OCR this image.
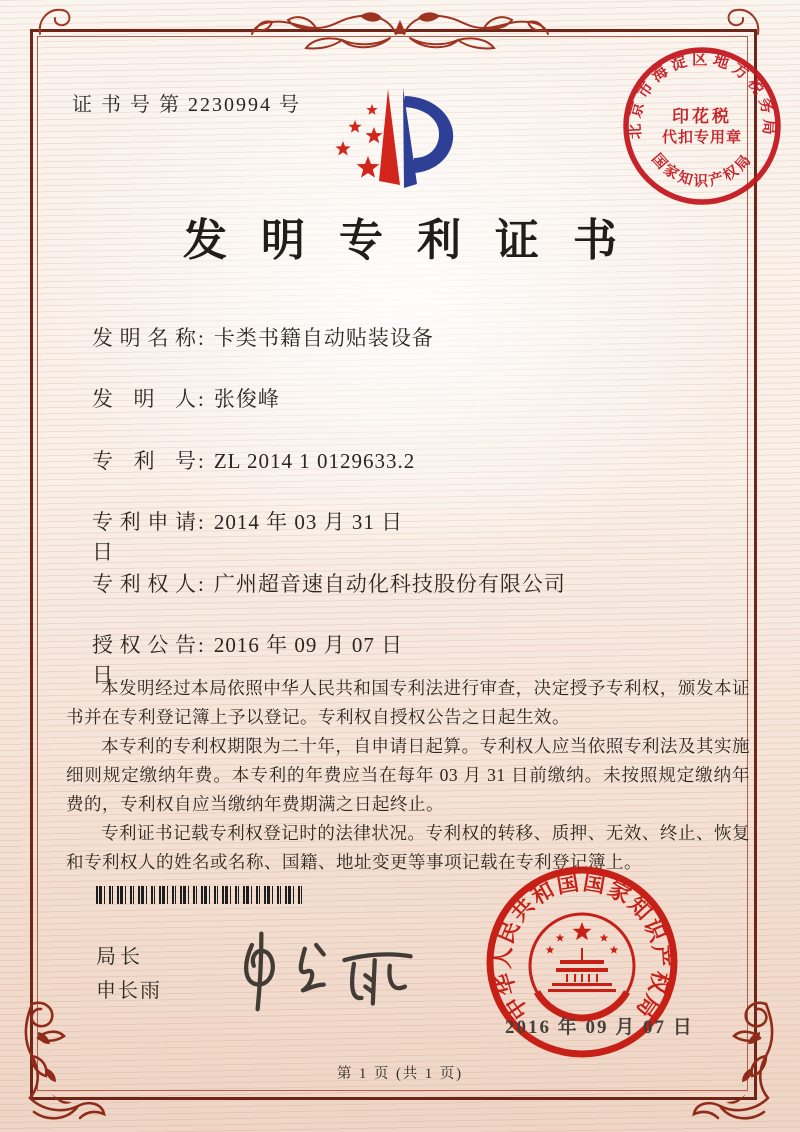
证 书 号 第 2230994 号
北京市海淀区地方税务局
国家知识产权局
印花税
代扣专用章
发明专利证书
发明名称 : 卡类书籍自动贴装设备
发明人 : 张俊峰
专利号 : ZL 2014 1 0129633.2
专利申请日
: 2014 年 03 月 31 日
专利权人 : 广州超音速自动化科技股份有限公司
授权公告日
: 2016 年 09 月 07 日

本发明经过本局依照中华人民共和国专利法进行审查，决定授予专利权，颁发本证书并在专利登记簿上予以登记。专利权自授权公告之日起生效。

本专利的专利权期限为二十年，自申请日起算。专利权人应当依照专利法及其实施细则规定缴纳年费。本专利的年费应当在每年 03 月 31 日前缴纳。未按照规定缴纳年费的，专利权自应当缴纳年费期满之日起终止。

专利证书记载专利权登记时的法律状况。专利权的转移、质押、无效、终止、恢复和专利权人的姓名或名称、国籍、地址变更等事项记载在专利登记簿上。

局长
申长雨	中华人民共和国国家知识产权局
2016 年 09 月 07 日
第 1 页 (共 1 页)
